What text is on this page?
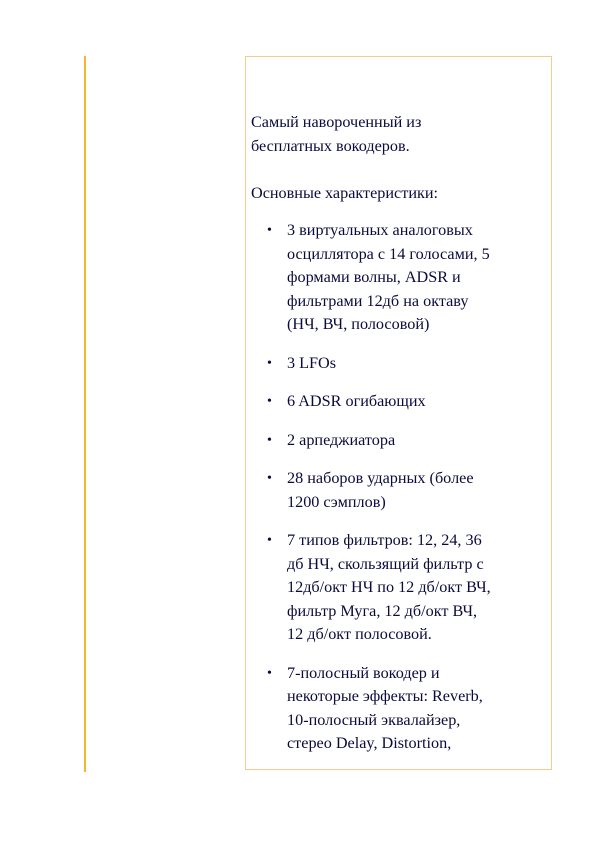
Самый навороченный из
бесплатных вокодеров.

Основные характеристики:

• 3 виртуальных аналоговых
осциллятора с 14 голосами, 5
формами волны, ADSR и
фильтрами 12дб на октаву
(НЧ, ВЧ, полосовой)
• 3 LFOs
• 6 ADSR огибающих
• 2 арпеджиатора
• 28 наборов ударных (более
1200 сэмплов)
• 7 типов фильтров: 12, 24, 36
дб НЧ, скользящий фильтр с
12дб/окт НЧ по 12 дб/окт ВЧ,
фильтр Муга, 12 дб/окт ВЧ,
12 дб/окт полосовой.
• 7-полосный вокодер и
некоторые эффекты: Reverb,
10-полосный эквалайзер,
стерео Delay, Distortion,
